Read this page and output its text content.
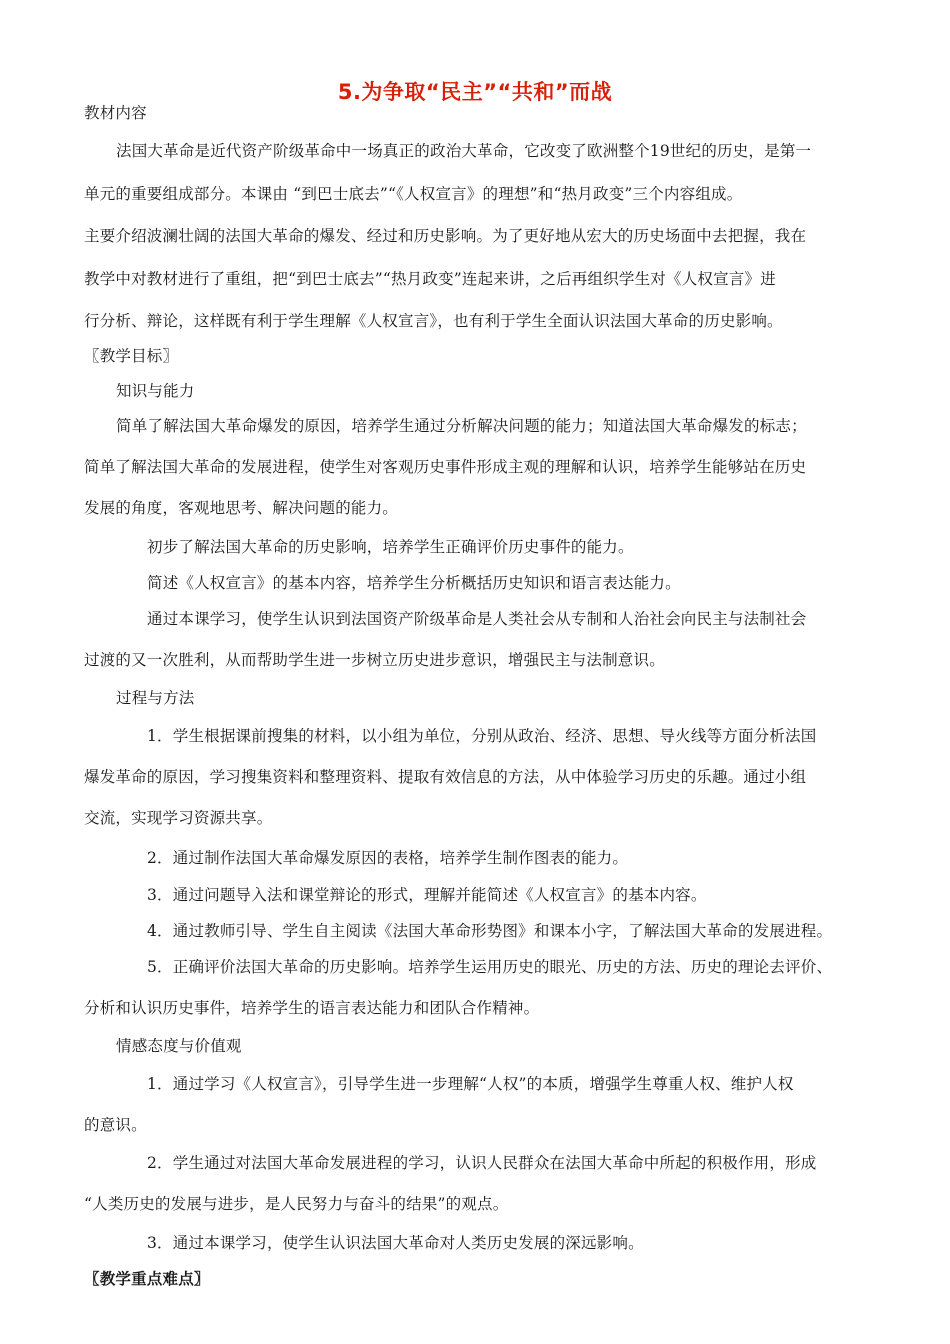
5.为争取“民主”“共和”而战
教材内容
法国大革命是近代资产阶级革命中一场真正的政治大革命，它改变了欧洲整个19世纪的历史，是第一
单元的重要组成部分。本课由 “到巴士底去”“《人权宣言》的理想”和“热月政变”三个内容组成。
主要介绍波澜壮阔的法国大革命的爆发、经过和历史影响。为了更好地从宏大的历史场面中去把握，我在
教学中对教材进行了重组，把“到巴士底去”“热月政变”连起来讲，之后再组织学生对《人权宣言》进
行分析、辩论，这样既有利于学生理解《人权宣言》，也有利于学生全面认识法国大革命的历史影响。
〖教学目标〗
知识与能力
简单了解法国大革命爆发的原因，培养学生通过分析解决问题的能力；知道法国大革命爆发的标志；
简单了解法国大革命的发展进程，使学生对客观历史事件形成主观的理解和认识，培养学生能够站在历史
发展的角度，客观地思考、解决问题的能力。
初步了解法国大革命的历史影响，培养学生正确评价历史事件的能力。
简述《人权宣言》的基本内容，培养学生分析概括历史知识和语言表达能力。
通过本课学习，使学生认识到法国资产阶级革命是人类社会从专制和人治社会向民主与法制社会
过渡的又一次胜利，从而帮助学生进一步树立历史进步意识，增强民主与法制意识。
过程与方法
1．学生根据课前搜集的材料，以小组为单位，分别从政治、经济、思想、导火线等方面分析法国
爆发革命的原因，学习搜集资料和整理资料、提取有效信息的方法，从中体验学习历史的乐趣。通过小组
交流，实现学习资源共享。
2．通过制作法国大革命爆发原因的表格，培养学生制作图表的能力。
3．通过问题导入法和课堂辩论的形式，理解并能简述《人权宣言》的基本内容。
4．通过教师引导、学生自主阅读《法国大革命形势图》和课本小字，了解法国大革命的发展进程。
5．正确评价法国大革命的历史影响。培养学生运用历史的眼光、历史的方法、历史的理论去评价、
分析和认识历史事件，培养学生的语言表达能力和团队合作精神。
情感态度与价值观
1．通过学习《人权宣言》，引导学生进一步理解“人权”的本质，增强学生尊重人权、维护人权
的意识。
2．学生通过对法国大革命发展进程的学习，认识人民群众在法国大革命中所起的积极作用，形成
“人类历史的发展与进步，是人民努力与奋斗的结果”的观点。
3．通过本课学习，使学生认识法国大革命对人类历史发展的深远影响。
〖教学重点难点〗
